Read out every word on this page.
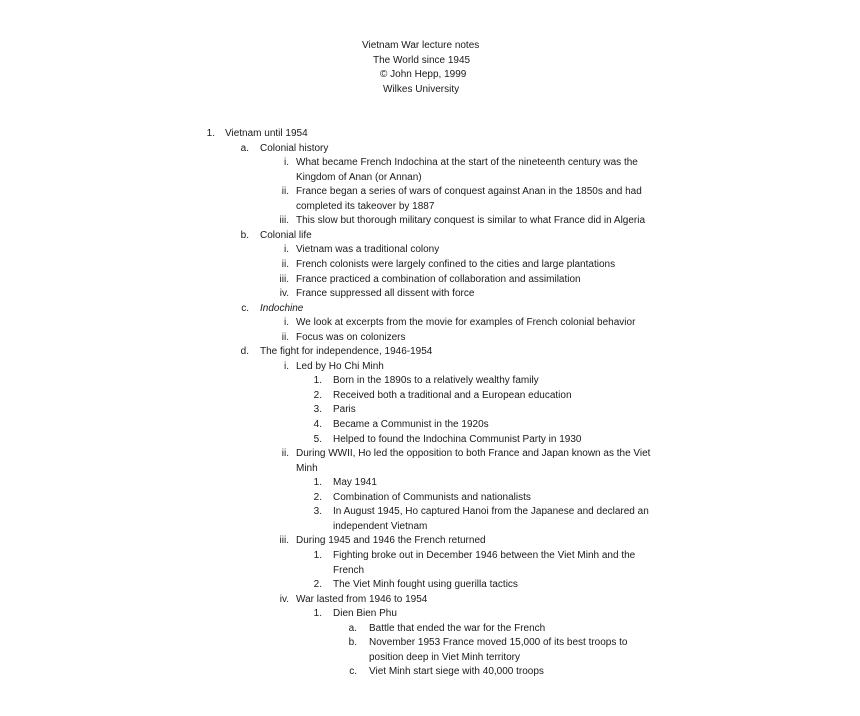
Vietnam War lecture notes
The World since 1945
© John Hepp, 1999
Wilkes University
1. Vietnam until 1954
a. Colonial history
i. What became French Indochina at the start of the nineteenth century was the
Kingdom of Anan (or Annan)
ii. France began a series of wars of conquest against Anan in the 1850s and had
completed its takeover by 1887
iii. This slow but thorough military conquest is similar to what France did in Algeria
b. Colonial life
i. Vietnam was a traditional colony
ii. French colonists were largely confined to the cities and large plantations
iii. France practiced a combination of collaboration and assimilation
iv. France suppressed all dissent with force
c. Indochine
i. We look at excerpts from the movie for examples of French colonial behavior
ii. Focus was on colonizers
d. The fight for independence, 1946-1954
i. Led by Ho Chi Minh
1. Born in the 1890s to a relatively wealthy family
2. Received both a traditional and a European education
3. Paris
4. Became a Communist in the 1920s
5. Helped to found the Indochina Communist Party in 1930
ii. During WWII, Ho led the opposition to both France and Japan known as the Viet
Minh
1. May 1941
2. Combination of Communists and nationalists
3. In August 1945, Ho captured Hanoi from the Japanese and declared an
independent Vietnam
iii. During 1945 and 1946 the French returned
1. Fighting broke out in December 1946 between the Viet Minh and the
French
2. The Viet Minh fought using guerilla tactics
iv. War lasted from 1946 to 1954
1. Dien Bien Phu
a. Battle that ended the war for the French
b. November 1953 France moved 15,000 of its best troops to
position deep in Viet Minh territory
c. Viet Minh start siege with 40,000 troops
